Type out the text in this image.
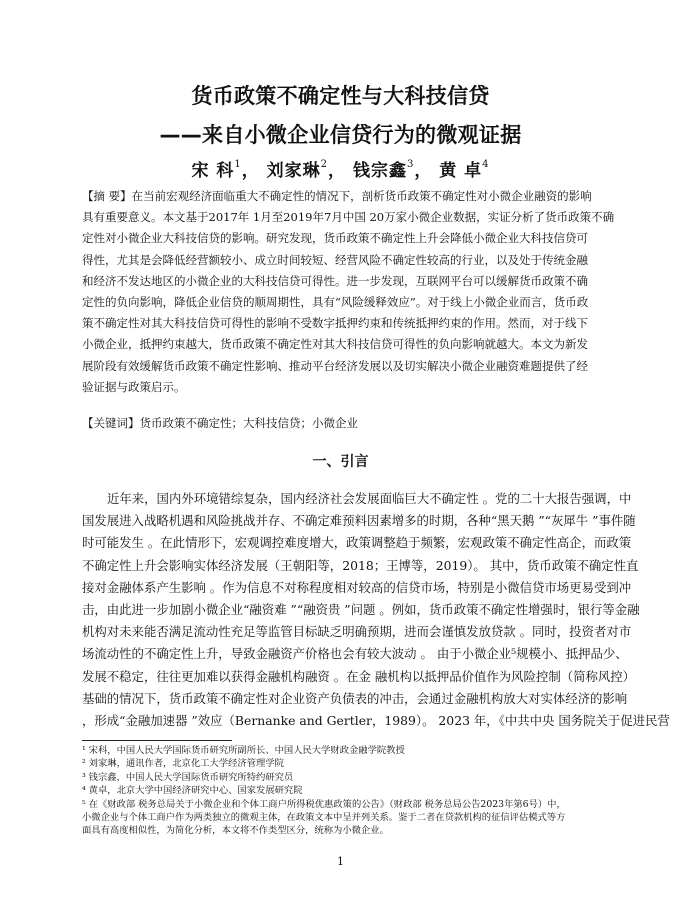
货币政策不确定性与大科技信贷
——来自小微企业信贷行为的微观证据
宋 科$^1$， 刘家琳$^2$， 钱宗鑫$^3$， 黄 卓$^4$
【摘 要】在当前宏观经济面临重大不确定性的情况下，剖析货币政策不确定性对小微企业融资的影响
具有重要意义。本文基于2017年 1月至2019年7月中国 20万家小微企业数据，实证分析了货币政策不确
定性对小微企业大科技信贷的影响。研究发现，货币政策不确定性上升会降低小微企业大科技信贷可
得性，尤其是会降低经营额较小、成立时间较短、经营风险不确定性较高的行业，以及处于传统金融
和经济不发达地区的小微企业的大科技信贷可得性。进一步发现，互联网平台可以缓解货币政策不确
定性的负向影响，降低企业信贷的顺周期性，具有“风险缓释效应”。对于线上小微企业而言，货币政
策不确定性对其大科技信贷可得性的影响不受数字抵押约束和传统抵押约束的作用。然而，对于线下
小微企业，抵押约束越大，货币政策不确定性对其大科技信贷可得性的负向影响就越大。本文为新发
展阶段有效缓解货币政策不确定性影响、推动平台经济发展以及切实解决小微企业融资难题提供了经
验证据与政策启示。
【关键词】货币政策不确定性；大科技信贷；小微企业
一、引言
近年来，国内外环境错综复杂，国内经济社会发展面临巨大不确定性 。党的二十大报告强调，中
国发展进入战略机遇和风险挑战并存、不确定难预料因素增多的时期，各种“黑天鹅 ”“灰犀牛 ”事件随
时可能发生 。在此情形下，宏观调控难度增大，政策调整趋于频繁，宏观政策不确定性高企，而政策
不确定性上升会影响实体经济发展（王朝阳等，2018；王博等，2019）。 其中，货币政策不确定性直
接对金融体系产生影响 。作为信息不对称程度相对较高的信贷市场，特别是小微信贷市场更易受到冲
击，由此进一步加剧小微企业“融资难 ”“融资贵 ”问题 。例如，货币政策不确定性增强时，银行等金融
机构对未来能否满足流动性充足等监管目标缺乏明确预期，进而会谨慎发放贷款 。同时，投资者对市
场流动性的不确定性上升，导致金融资产价格也会有较大波动 。 由于小微企业⁵规模小、抵押品少、
发展不稳定，往往更加难以获得金融机构融资 。在金 融机构以抵押品价值作为风险控制（简称风控）
基础的情况下，货币政策不确定性对企业资产负债表的冲击，会通过金融机构放大对实体经济的影响
，形成“金融加速器 ”效应（Bernanke and Gertler，1989）。 2023 年，《中共中央 国务院关于促进民营
¹ 宋科，中国人民大学国际货币研究所副所长、中国人民大学财政金融学院教授
² 刘家琳，通讯作者，北京化工大学经济管理学院
³ 钱宗鑫，中国人民大学国际货币研究所特约研究员
⁴ 黄卓，北京大学中国经济研究中心、国家发展研究院
⁵ 在《财政部 税务总局关于小微企业和个体工商户所得税优惠政策的公告》（财政部 税务总局公告2023年第6号）中，
小微企业与个体工商户作为两类独立的微观主体，在政策文本中呈并列关系。鉴于二者在贷款机构的征信评估模式等方
面具有高度相似性，为简化分析，本文将不作类型区分，统称为小微企业。
1
